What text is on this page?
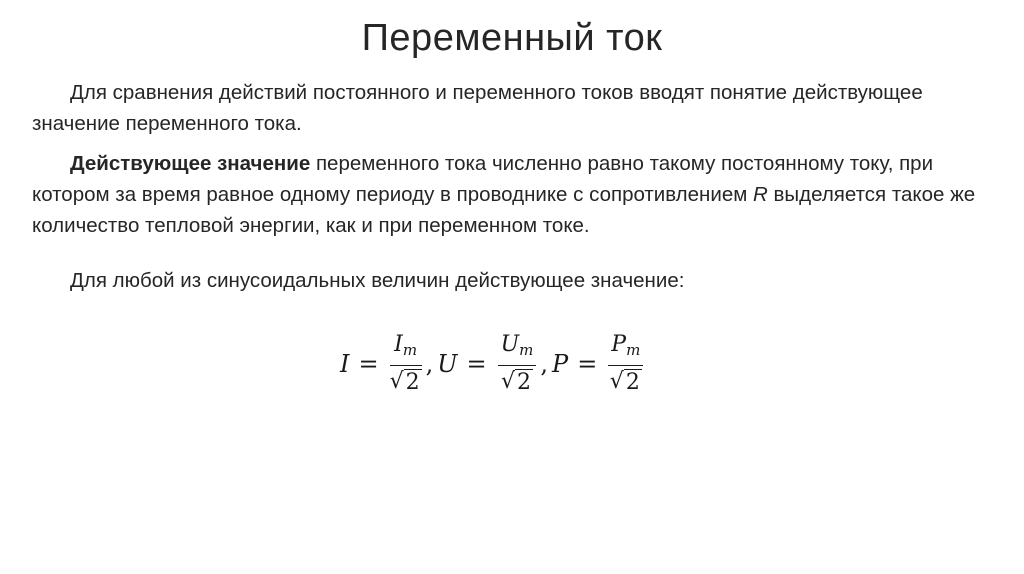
Переменный ток
Для сравнения действий постоянного и переменного токов вводят понятие действующее значение переменного тока.
Действующее значение переменного тока численно равно такому постоянному току, при котором за время равное одному периоду в проводнике с сопротивлением R выделяется такое же количество тепловой энергии, как и при переменном токе.
Для любой из синусоидальных величин действующее значение:
$I = \frac{I_m}{√ 2}$ , $U = \frac{U_m}{√ 2}$ , $P = \frac{P_m}{√ 2}$
